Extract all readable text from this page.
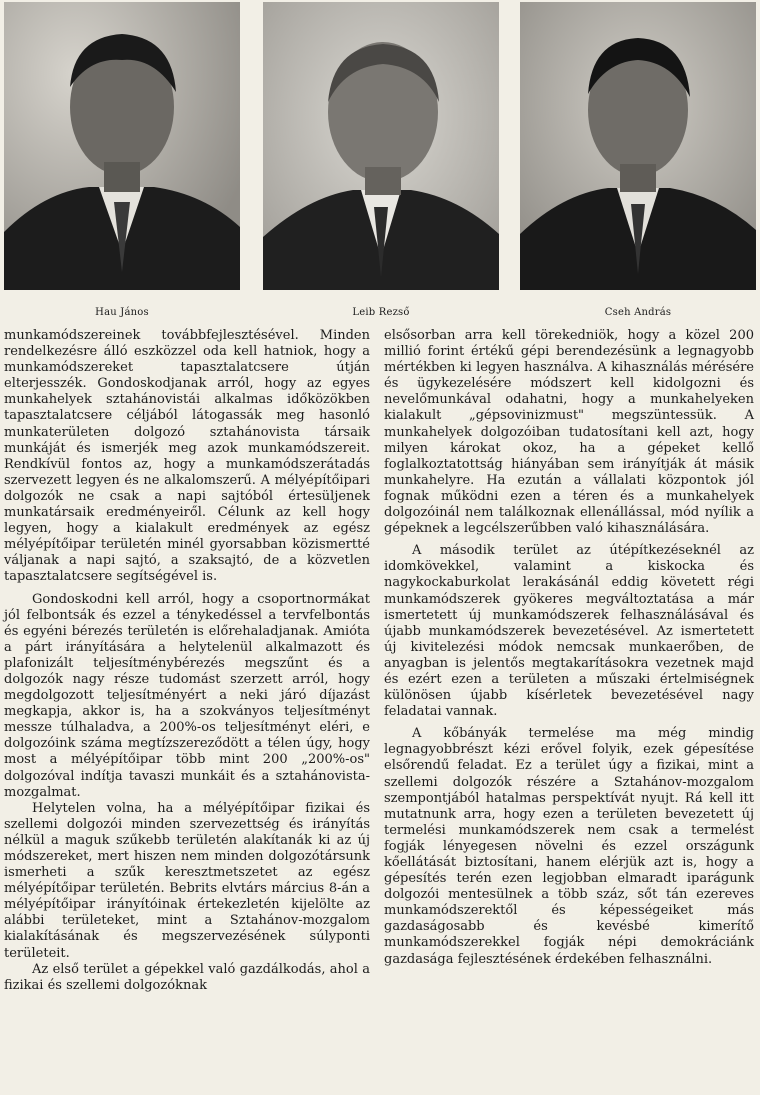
Hau János	Leib Rezső	Cseh András

munkamódszereinek továbbfejlesztésével. Minden rendelkezésre álló eszközzel oda kell hatniok, hogy a munkamódszereket tapasztalatcsere útján elterjesszék. Gondoskodjanak arról, hogy az egyes munkahelyek sztahánovistái alkalmas időközökben tapasztalatcsere céljából látogassák meg hasonló munkaterületen dolgozó sztahánovista társaik munkáját és ismerjék meg azok munkamódszereit. Rendkívül fontos az, hogy a munkamódszerátadás szervezett legyen és ne alkalomszerű. A mélyépítőipari dolgozók ne csak a napi sajtóból értesüljenek munkatársaik eredményeiről. Célunk az kell hogy legyen, hogy a kialakult eredmények az egész mélyépítőipar területén minél gyorsabban közismertté váljanak a napi sajtó, a szaksajtó, de a közvetlen tapasztalatcsere segítségével is.

Gondoskodni kell arról, hogy a csoportnormákat jól felbontsák és ezzel a ténykedéssel a tervfelbontás és egyéni bérezés területén is előrehaladjanak. Amióta a párt irányítására a helytelenül alkalmazott és plafonizált teljesítménybérezés megszűnt és a dolgozók nagy része tudomást szerzett arról, hogy megdolgozott teljesítményért a neki járó díjazást megkapja, akkor is, ha a szokványos teljesítményt messze túlhaladva, a 200%-os teljesítményt eléri, e dolgozóink száma megtízszereződött a télen úgy, hogy most a mélyépítőipar több mint 200 „200%-os" dolgozóval indítja tavaszi munkáit és a sztahánovista-mozgalmat.

Helytelen volna, ha a mélyépítőipar fizikai és szellemi dolgozói minden szervezettség és irányítás nélkül a maguk szűkebb területén alakítanák ki az új módszereket, mert hiszen nem minden dolgozótársunk ismerheti a szűk keresztmetszetet az egész mélyépítőipar területén. Bebrits elvtárs március 8-án a mélyépítőipar irányítóinak értekezletén kijelölte az alábbi területeket, mint a Sztahánov-mozgalom kialakításának és megszervezésének súlyponti területeit.

Az első terület a gépekkel való gazdálkodás, ahol a fizikai és szellemi dolgozóknak

elsősorban arra kell törekedniök, hogy a közel 200 millió forint értékű gépi berendezésünk a legnagyobb mértékben ki legyen használva. A kihasználás mérésére és ügykezelésére módszert kell kidolgozni és nevelőmunkával odahatni, hogy a munkahelyeken kialakult „gépsovinizmust" megszüntessük. A munkahelyek dolgozóiban tudatosítani kell azt, hogy milyen károkat okoz, ha a gépeket kellő foglalkoztatottság hiányában sem irányítják át másik munkahelyre. Ha ezután a vállalati központok jól fognak működni ezen a téren és a munkahelyek dolgozóinál nem találkoznak ellenállással, mód nyílik a gépeknek a legcélszerűbben való kihasználására.

A második terület az útépítkezéseknél az idomkövekkel, valamint a kiskocka és nagykockaburkolat lerakásánál eddig követett régi munkamódszerek gyökeres megváltoztatása a már ismertetett új munkamódszerek felhasználásával és újabb munkamódszerek bevezetésével. Az ismertetett új kivitelezési módok nemcsak munkaerőben, de anyagban is jelentős megtakarításokra vezetnek majd és ezért ezen a területen a műszaki értelmiségnek különösen újabb kísérletek bevezetésével nagy feladatai vannak.

A kőbányák termelése ma még mindig legnagyobbrészt kézi erővel folyik, ezek gépesítése elsőrendű feladat. Ez a terület úgy a fizikai, mint a szellemi dolgozók részére a Sztahánov-mozgalom szempontjából hatalmas perspektívát nyujt. Rá kell itt mutatnunk arra, hogy ezen a területen bevezetett új termelési munkamódszerek nem csak a termelést fogják lényegesen növelni és ezzel országunk kőellátását biztosítani, hanem elérjük azt is, hogy a gépesítés terén ezen legjobban elmaradt iparágunk dolgozói mentesülnek a több száz, sőt tán ezereves munkamódszerektől és képességeiket más gazdaságosabb és kevésbé kimerítő munkamódszerekkel fogják népi demokráciánk gazdasága fejlesztésének érdekében felhasználni.
